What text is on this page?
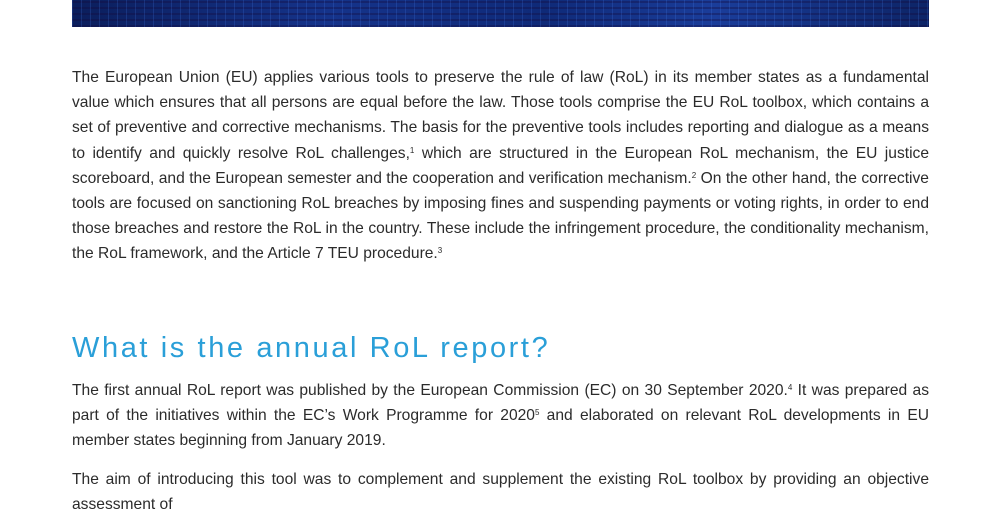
The European Union (EU) applies various tools to preserve the rule of law (RoL) in its member states as a fundamental value which ensures that all persons are equal before the law. Those tools comprise the EU RoL toolbox, which contains a set of preventive and corrective mechanisms. The basis for the preventive tools includes reporting and dialogue as a means to identify and quickly resolve RoL challenges,$^1$ which are structured in the European RoL mechanism, the EU justice scoreboard, and the European semester and the cooperation and verification mechanism.$^2$ On the other hand, the corrective tools are focused on sanctioning RoL breaches by imposing fines and suspending payments or voting rights, in order to end those breaches and restore the RoL in the country. These include the infringement procedure, the conditionality mechanism, the RoL framework, and the Article 7 TEU procedure.$^3$

What is the annual RoL report?

The first annual RoL report was published by the European Commission (EC) on 30 September 2020.$^4$ It was prepared as part of the initiatives within the EC’s Work Programme for 2020$^5$ and elaborated on relevant RoL developments in EU member states beginning from January 2019.

The aim of introducing this tool was to complement and supplement the existing RoL toolbox by providing an objective assessment of
